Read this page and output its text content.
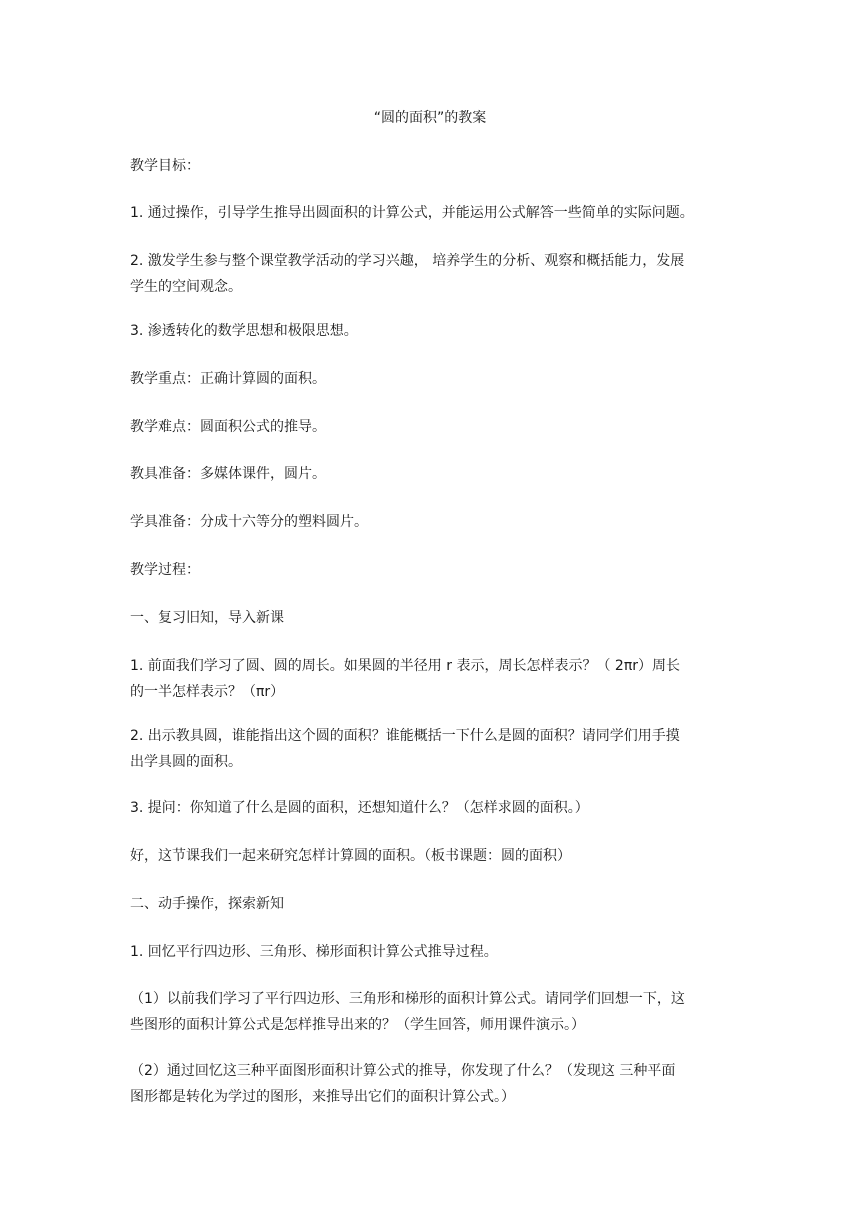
“圆的面积”的教案
教学目标：
1. 通过操作，引导学生推导出圆面积的计算公式，并能运用公式解答一些简单的实际问题。
2. 激发学生参与整个课堂教学活动的学习兴趣， 培养学生的分析、观察和概括能力，发展
学生的空间观念。
3. 渗透转化的数学思想和极限思想。
教学重点：正确计算圆的面积。
教学难点：圆面积公式的推导。
教具准备：多媒体课件，圆片。
学具准备：分成十六等分的塑料圆片。
教学过程：
一、复习旧知，导入新课
1. 前面我们学习了圆、圆的周长。如果圆的半径用 r 表示，周长怎样表示？（ 2πr）周长
的一半怎样表示？（πr）
2. 出示教具圆，谁能指出这个圆的面积？谁能概括一下什么是圆的面积？请同学们用手摸
出学具圆的面积。
3. 提问：你知道了什么是圆的面积，还想知道什么？（怎样求圆的面积。）
好，这节课我们一起来研究怎样计算圆的面积。（板书课题：圆的面积）
二、动手操作，探索新知
1. 回忆平行四边形、三角形、梯形面积计算公式推导过程。
（1）以前我们学习了平行四边形、三角形和梯形的面积计算公式。请同学们回想一下，这
些图形的面积计算公式是怎样推导出来的？（学生回答，师用课件演示。）
（2）通过回忆这三种平面图形面积计算公式的推导，你发现了什么？（发现这 三种平面
图形都是转化为学过的图形，来推导出它们的面积计算公式。）
